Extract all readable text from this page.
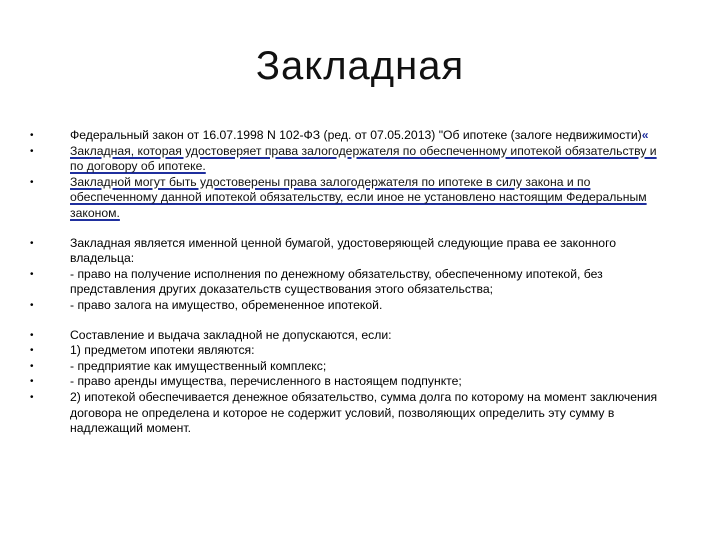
Закладная
•	Федеральный закон от 16.07.1998 N 102-ФЗ (ред. от 07.05.2013) "Об ипотеке (залоге недвижимости)«
•	Закладная, которая удостоверяет права залогодержателя по обеспеченному ипотекой обязательству и по договору об ипотеке.
•	Закладной могут быть удостоверены права залогодержателя по ипотеке в силу закона и по обеспеченному данной ипотекой обязательству, если иное не установлено настоящим Федеральным законом.
•	Закладная является именной ценной бумагой, удостоверяющей следующие права ее законного владельца:
•	- право на получение исполнения по денежному обязательству, обеспеченному ипотекой, без представления других доказательств существования этого обязательства;
•	- право залога на имущество, обремененное ипотекой.
•	Составление и выдача закладной не допускаются, если:
•	1) предметом ипотеки являются:
•	- предприятие как имущественный комплекс;
•	- право аренды имущества, перечисленного в настоящем подпункте;
•	2) ипотекой обеспечивается денежное обязательство, сумма долга по которому на момент заключения договора не определена и которое не содержит условий, позволяющих определить эту сумму в надлежащий момент.
